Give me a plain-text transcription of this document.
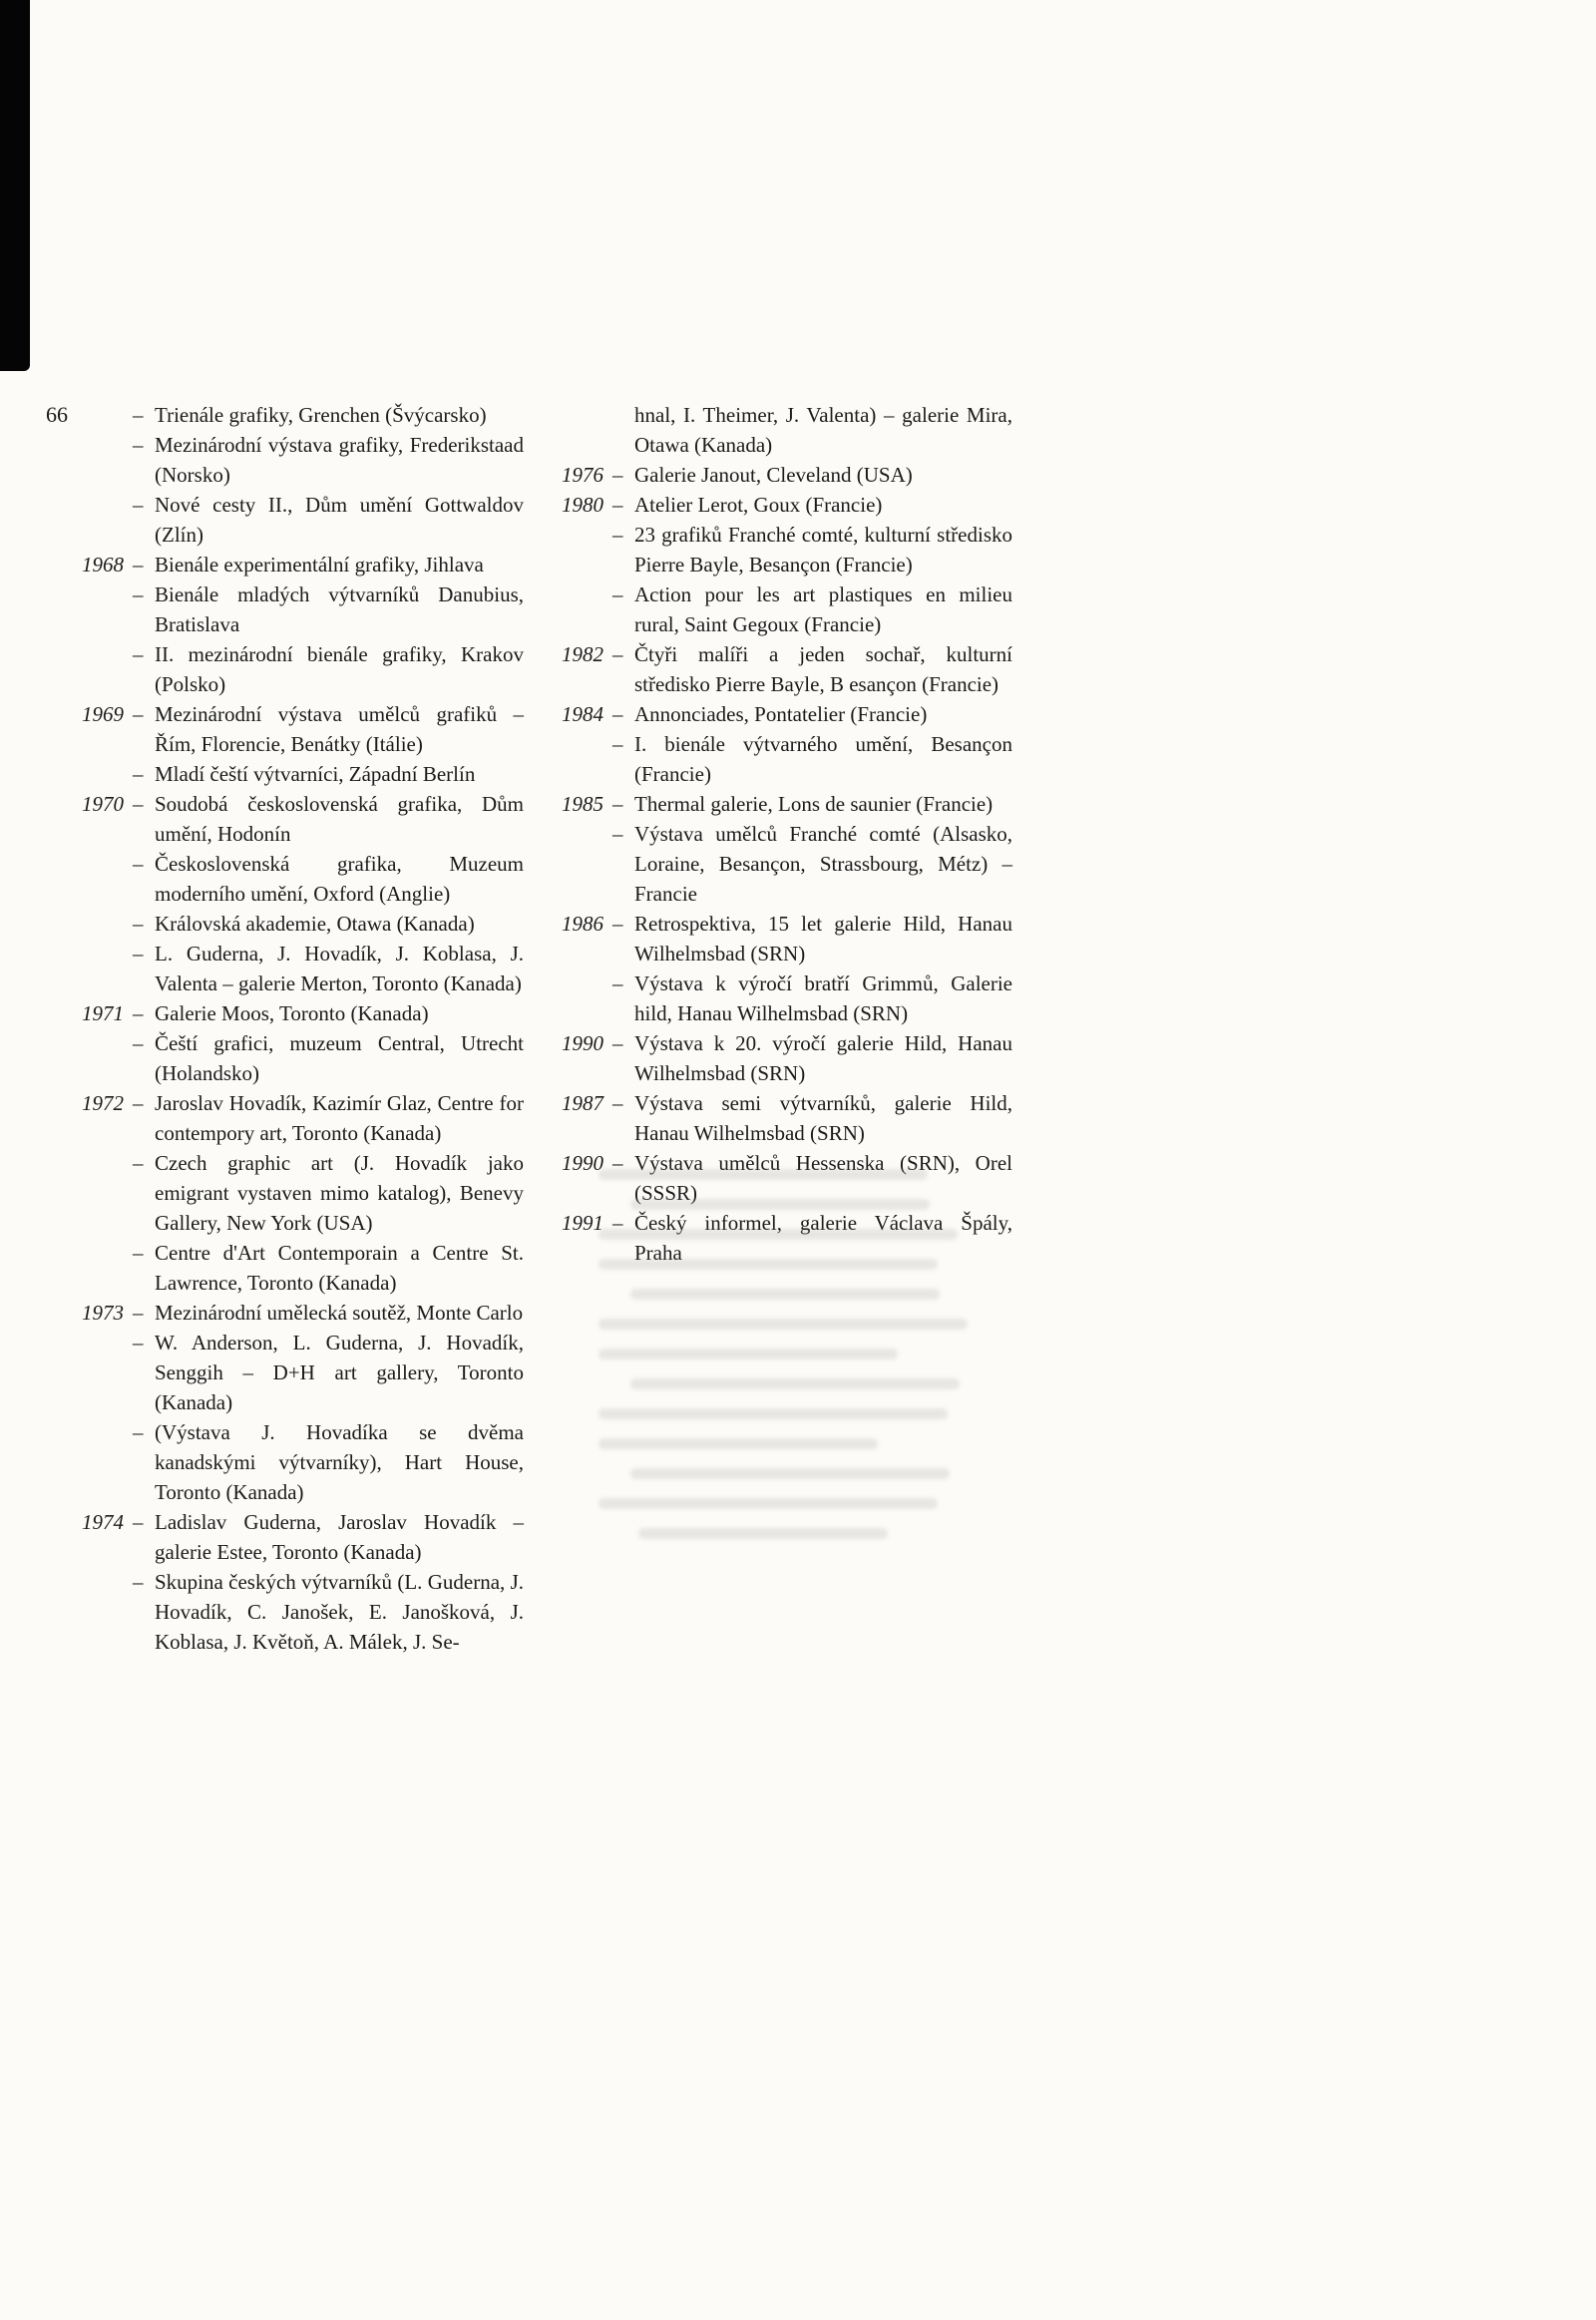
66	– Trienále grafiky, Grenchen (Švýcarsko)

– Mezinárodní výstava grafiky, Frederikstaad (Norsko)

– Nové cesty II., Dům umění Gottwaldov (Zlín)

1968 – Bienále experimentální grafiky, Jihlava

– Bienále mladých výtvarníků Danubius, Bratislava

– II. mezinárodní bienále grafiky, Krakov (Polsko)

1969 – Mezinárodní výstava umělců grafiků – Řím, Florencie, Benátky (Itálie)

– Mladí čeští výtvarníci, Západní Berlín

1970 – Soudobá československá grafika, Dům umění, Hodonín

– Československá grafika, Muzeum moderního umění, Oxford (Anglie)

– Královská akademie, Otawa (Kanada)

– L. Guderna, J. Hovadík, J. Koblasa, J. Valenta – galerie Merton, Toronto (Kanada)

1971 – Galerie Moos, Toronto (Kanada)

– Čeští grafici, muzeum Central, Utrecht (Holandsko)

1972 – Jaroslav Hovadík, Kazimír Glaz, Centre for contempory art, Toronto (Kanada)

– Czech graphic art (J. Hovadík jako emigrant vystaven mimo katalog), Benevy Gallery, New York (USA)

– Centre d'Art Contemporain a Centre St. Lawrence, Toronto (Kanada)

1973 – Mezinárodní umělecká soutěž, Monte Carlo

– W. Anderson, L. Guderna, J. Hovadík, Senggih – D+H art gallery, Toronto (Kanada)

– (Výstava J. Hovadíka se dvěma kanadskými výtvarníky), Hart House, Toronto (Kanada)

1974 – Ladislav Guderna, Jaroslav Hovadík – galerie Estee, Toronto (Kanada)

– Skupina českých výtvarníků (L. Guderna, J. Hovadík, C. Janošek, E. Janošková, J. Koblasa, J. Květoň, A. Málek, J. Se-

hnal, I. Theimer, J. Valenta) – galerie Mira, Otawa (Kanada)

1976 – Galerie Janout, Cleveland (USA)

1980 – Atelier Lerot, Goux (Francie)

– 23 grafiků Franché comté, kulturní středisko Pierre Bayle, Besançon (Francie)

– Action pour les art plastiques en milieu rural, Saint Gegoux (Francie)

1982 – Čtyři malíři a jeden sochař, kulturní středisko Pierre Bayle, B esançon (Francie)

1984 – Annonciades, Pontatelier (Francie)

– I. bienále výtvarného umění, Besançon (Francie)

1985 – Thermal galerie, Lons de saunier (Francie)

– Výstava umělců Franché comté (Alsasko, Loraine, Besançon, Strassbourg, Métz) – Francie

1986 – Retrospektiva, 15 let galerie Hild, Hanau Wilhelmsbad (SRN)

– Výstava k výročí bratří Grimmů, Galerie hild, Hanau Wilhelmsbad (SRN)

1990 – Výstava k 20. výročí galerie Hild, Hanau Wilhelmsbad (SRN)

1987 – Výstava semi výtvarníků, galerie Hild, Hanau Wilhelmsbad (SRN)

1990 – Výstava umělců Hessenska (SRN), Orel (SSSR)

1991 – Český informel, galerie Václava Špály, Praha
